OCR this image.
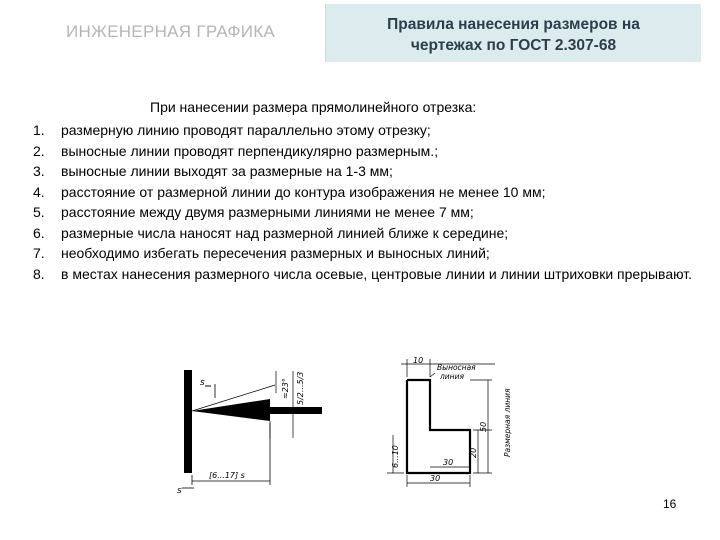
ИНЖЕНЕРНАЯ ГРАФИКА	Правила нанесения размеров на
чертежах по ГОСТ 2.307-68
При нанесении размера прямолинейного отрезка:
1.	размерную линию проводят параллельно этому отрезку;
2.	выносные линии проводят перпендикулярно размерным.;
3.	выносные линии выходят за размерные на 1-3 мм;
4.	расстояние от размерной линии до контура изображения не менее 10 мм;
5.	расстояние между двумя размерными линиями не менее 7 мм;
6.	размерные числа наносят над размерной линией ближе к середине;
7.	необходимо избегать пересечения размерных и выносных линий;
8.	в местах нанесения размерного числа осевые, центровые линии и линии штриховки прерывают.
s	≈23° 5/2...5/3
[6...17] s
s
10
Выносная
линия
20
50 Размерная линия
6...10	30
30
16
